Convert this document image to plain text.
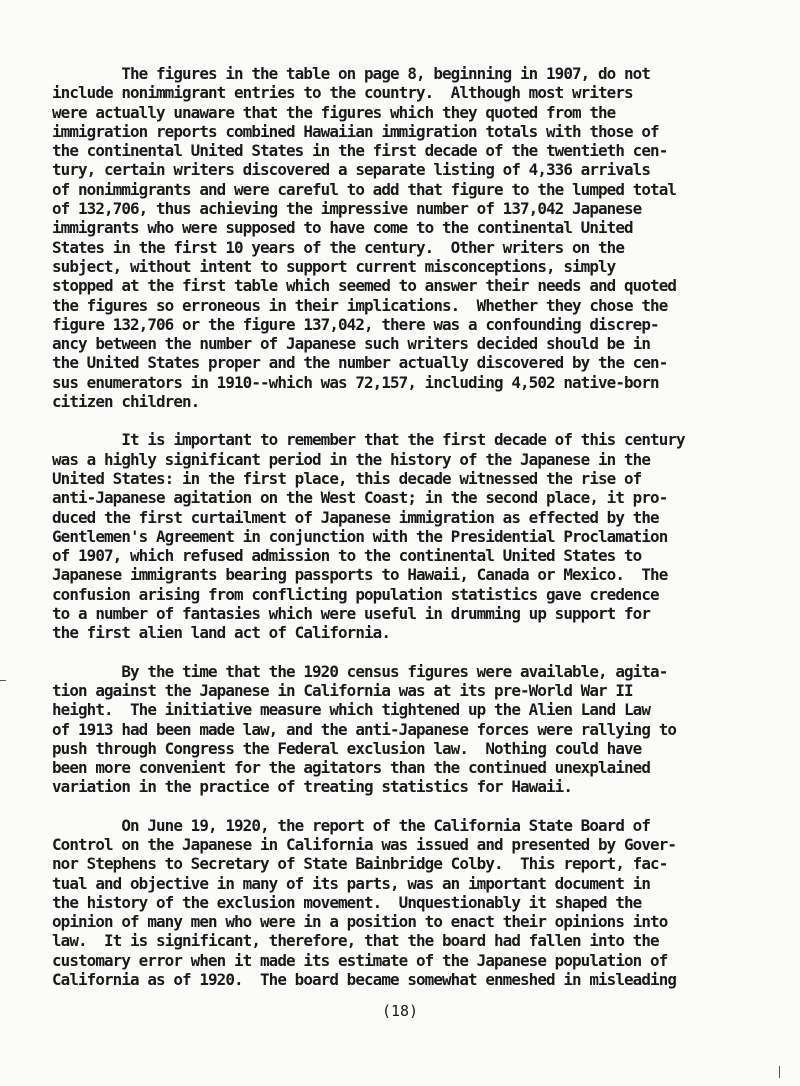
The figures in the table on page 8, beginning in 1907, do not
include nonimmigrant entries to the country.  Although most writers
were actually unaware that the figures which they quoted from the
immigration reports combined Hawaiian immigration totals with those of
the continental United States in the first decade of the twentieth cen-
tury, certain writers discovered a separate listing of 4,336 arrivals
of nonimmigrants and were careful to add that figure to the lumped total
of 132,706, thus achieving the impressive number of 137,042 Japanese
immigrants who were supposed to have come to the continental United
States in the first 10 years of the century.  Other writers on the
subject, without intent to support current misconceptions, simply
stopped at the first table which seemed to answer their needs and quoted
the figures so erroneous in their implications.  Whether they chose the
figure 132,706 or the figure 137,042, there was a confounding discrep-
ancy between the number of Japanese such writers decided should be in
the United States proper and the number actually discovered by the cen-
sus enumerators in 1910--which was 72,157, including 4,502 native-born
citizen children.
It is important to remember that the first decade of this century
was a highly significant period in the history of the Japanese in the
United States: in the first place, this decade witnessed the rise of
anti-Japanese agitation on the West Coast; in the second place, it pro-
duced the first curtailment of Japanese immigration as effected by the
Gentlemen's Agreement in conjunction with the Presidential Proclamation
of 1907, which refused admission to the continental United States to
Japanese immigrants bearing passports to Hawaii, Canada or Mexico.  The
confusion arising from conflicting population statistics gave credence
to a number of fantasies which were useful in drumming up support for
the first alien land act of California.
By the time that the 1920 census figures were available, agita-
tion against the Japanese in California was at its pre-World War II
height.  The initiative measure which tightened up the Alien Land Law
of 1913 had been made law, and the anti-Japanese forces were rallying to
push through Congress the Federal exclusion law.  Nothing could have
been more convenient for the agitators than the continued unexplained
variation in the practice of treating statistics for Hawaii.
On June 19, 1920, the report of the California State Board of
Control on the Japanese in California was issued and presented by Gover-
nor Stephens to Secretary of State Bainbridge Colby.  This report, fac-
tual and objective in many of its parts, was an important document in
the history of the exclusion movement.  Unquestionably it shaped the
opinion of many men who were in a position to enact their opinions into
law.  It is significant, therefore, that the board had fallen into the
customary error when it made its estimate of the Japanese population of
California as of 1920.  The board became somewhat enmeshed in misleading
(18)
